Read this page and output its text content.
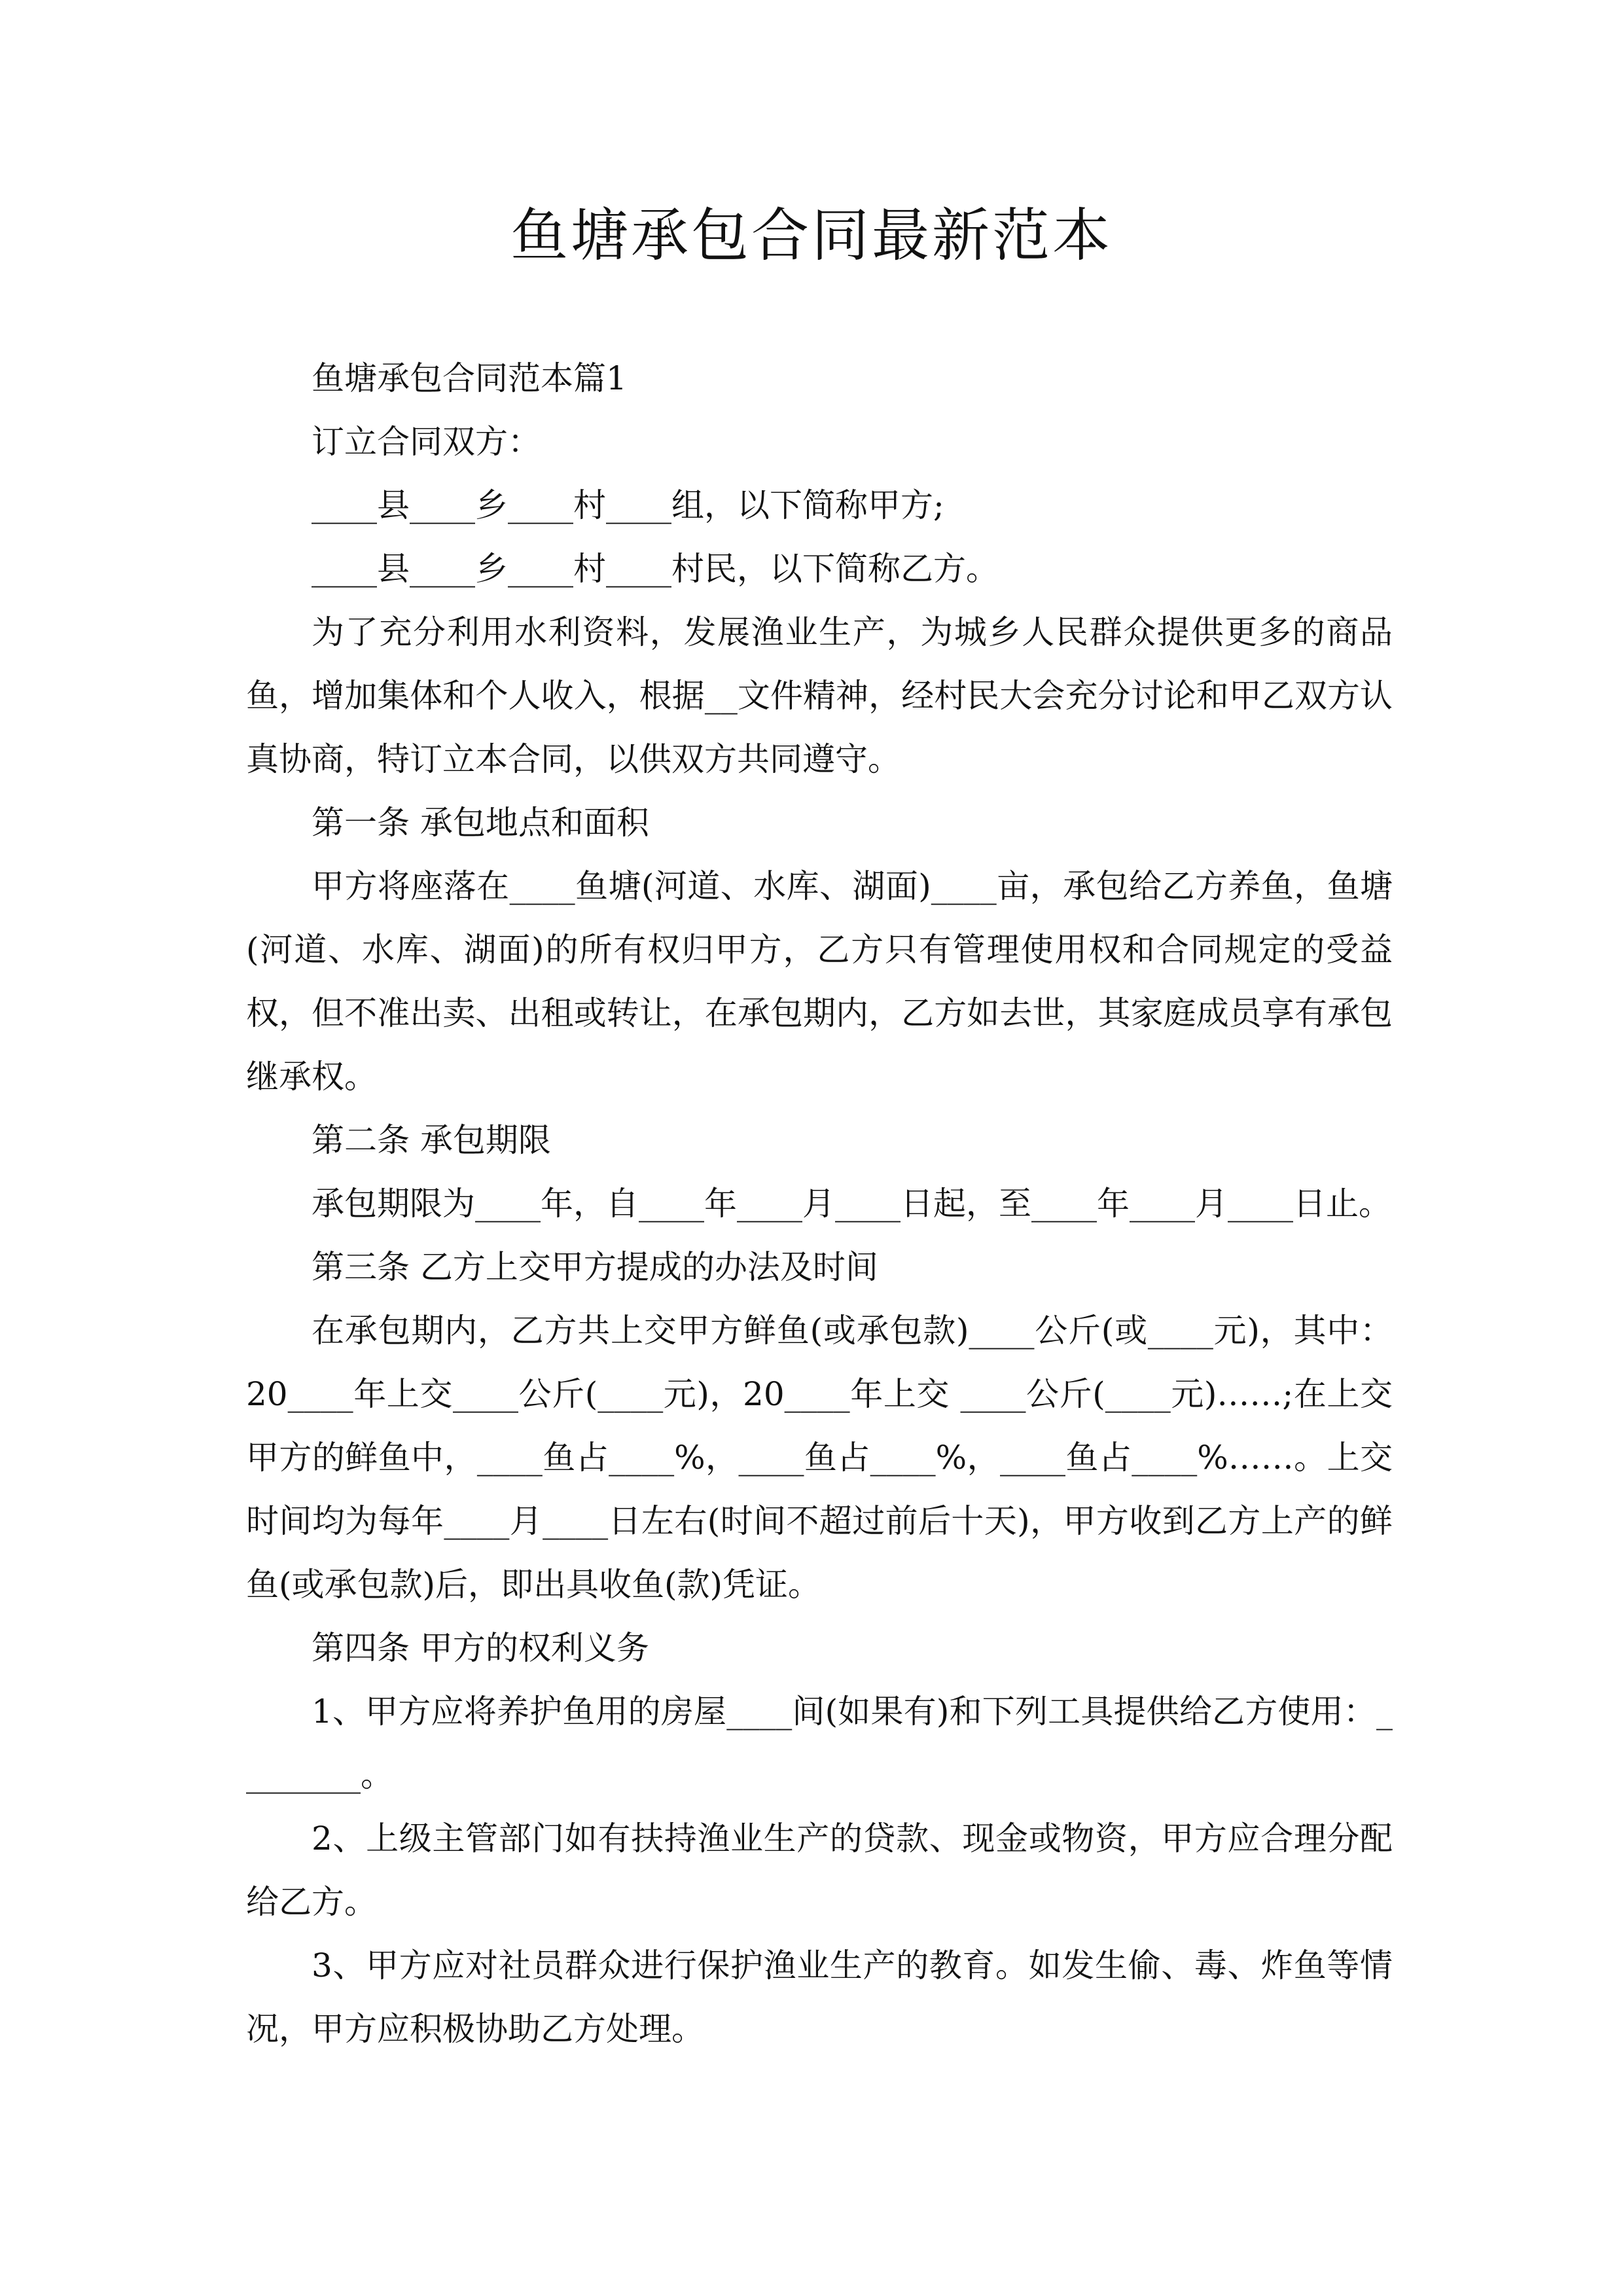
鱼塘承包合同最新范本

鱼塘承包合同范本篇1

订立合同双方：

____县____乡____村____组，以下简称甲方;

____县____乡____村____村民，以下简称乙方。

为了充分利用水利资料，发展渔业生产，为城乡人民群众提供更多的商品鱼，增加集体和个人收入，根据__文件精神，经村民大会充分讨论和甲乙双方认真协商，特订立本合同，以供双方共同遵守。

第一条 承包地点和面积

甲方将座落在____鱼塘(河道、水库、湖面)____亩，承包给乙方养鱼，鱼塘(河道、水库、湖面)的所有权归甲方，乙方只有管理使用权和合同规定的受益权，但不准出卖、出租或转让，在承包期内，乙方如去世，其家庭成员享有承包继承权。

第二条 承包期限

承包期限为____年，自____年____月____日起，至____年____月____日止。

第三条 乙方上交甲方提成的办法及时间

在承包期内，乙方共上交甲方鲜鱼(或承包款)____公斤(或____元)，其中：20____年上交____公斤(____元)，20____年上交 ____公斤(____元)……;在上交甲方的鲜鱼中，____鱼占____%，____鱼占____%，____鱼占____%……。上交时间均为每年____月____日左右(时间不超过前后十天)，甲方收到乙方上产的鲜鱼(或承包款)后，即出具收鱼(款)凭证。

第四条 甲方的权利义务

1、甲方应将养护鱼用的房屋____间(如果有)和下列工具提供给乙方使用：________。

2、上级主管部门如有扶持渔业生产的贷款、现金或物资，甲方应合理分配给乙方。

3、甲方应对社员群众进行保护渔业生产的教育。如发生偷、毒、炸鱼等情况，甲方应积极协助乙方处理。
